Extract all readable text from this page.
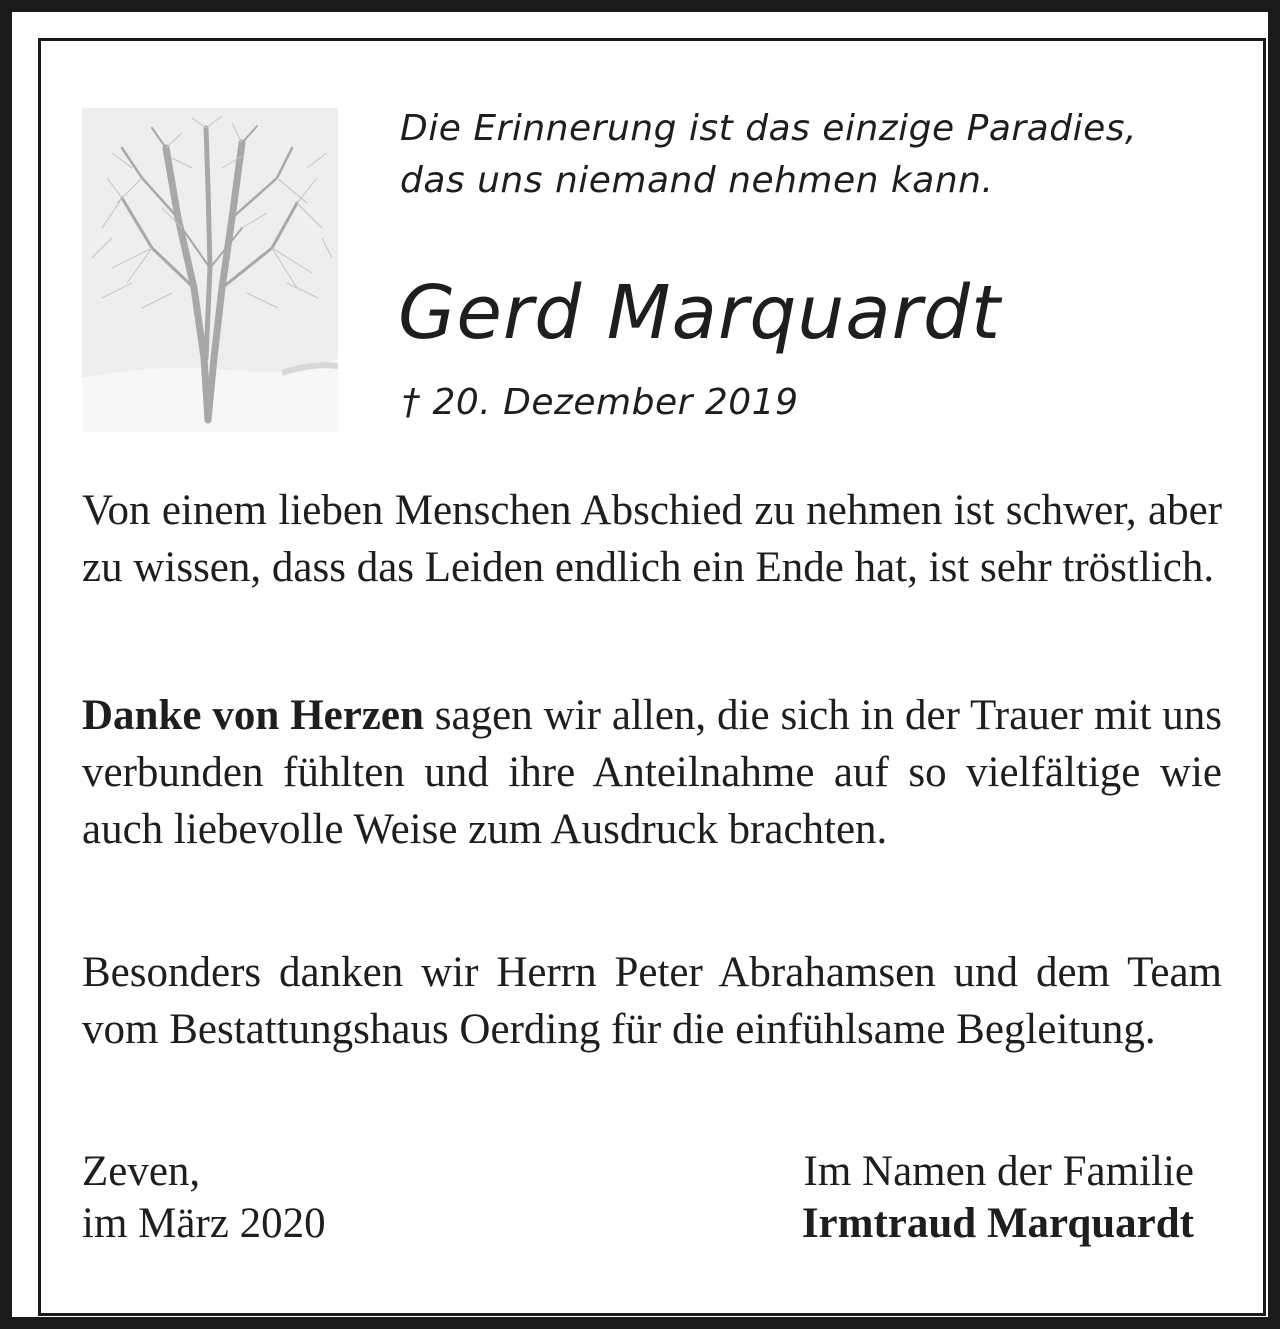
Die Erinnerung ist das einzige Paradies,
das uns niemand nehmen kann.
Gerd Marquardt
† 20. Dezember 2019

Von einem lieben Menschen Abschied zu nehmen ist schwer, aber zu wissen, dass das Leiden endlich ein Ende hat, ist sehr tröstlich.

Danke von Herzen sagen wir allen, die sich in der Trauer mit uns verbunden fühlten und ihre Anteilnahme auf so vielfältige wie auch liebevolle Weise zum Ausdruck brachten.

Besonders danken wir Herrn Peter Abrahamsen und dem Team vom Bestattungshaus Oerding für die einfühlsame Begleitung.

Zeven,
im März 2020
Im Namen der Familie
Irmtraud Marquardt
